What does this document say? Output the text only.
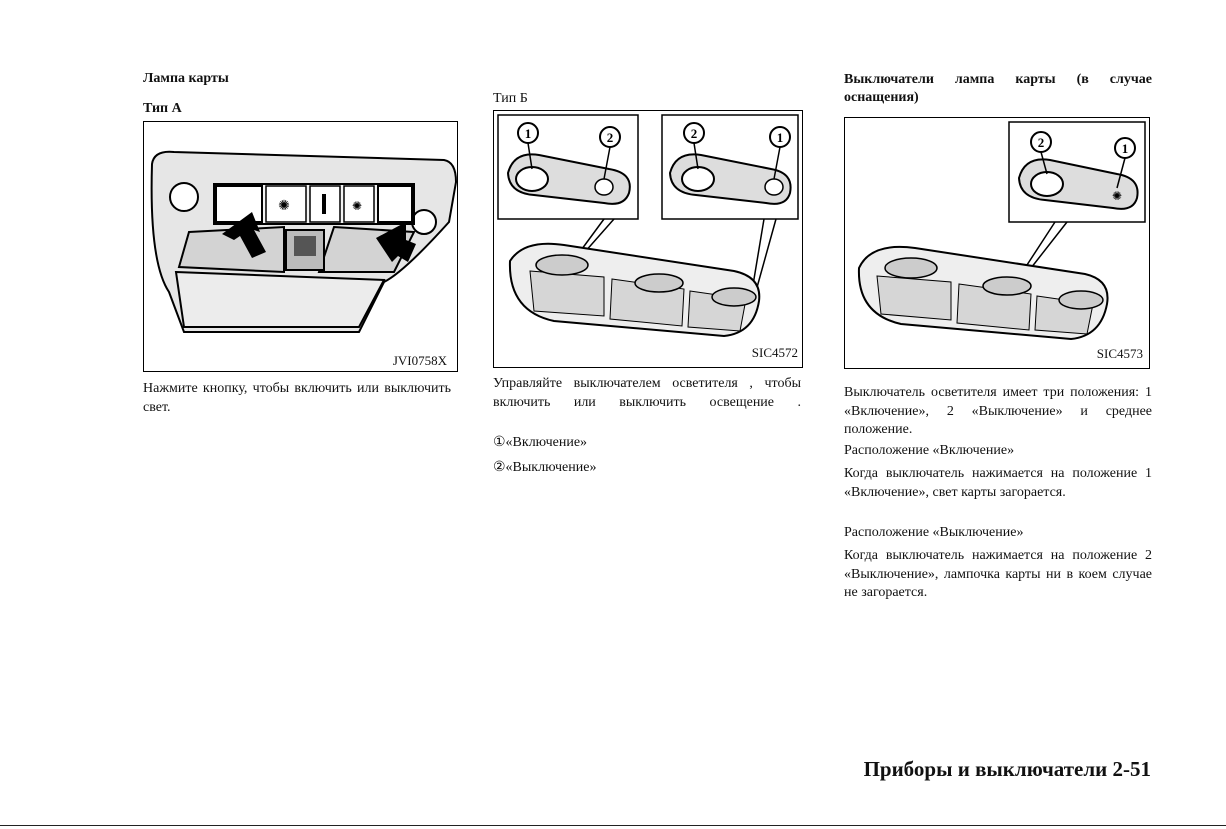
Лампа карты
Тип А
✺	✺
JVI0758X
Нажмите кнопку, чтобы включить или выключить свет.
Тип Б
1	2	2	1
SIC4572
Управляйте выключателем осветителя , чтобы включить или выключить освещение .
①«Включение»
②«Выключение»
Выключатели лампа карты (в случае
оснащения)
✺
2	1
SIC4573
Выключатель осветителя имеет три положения: 1 «Включение», 2 «Выключение» и среднее положение.
Расположение «Включение»
Когда выключатель нажимается на положение 1 «Включение», свет карты загорается.
Расположение «Выключение»
Когда выключатель нажимается на положение 2 «Выключение», лампочка карты ни в коем случае не загорается.
Приборы и выключатели 2-51
